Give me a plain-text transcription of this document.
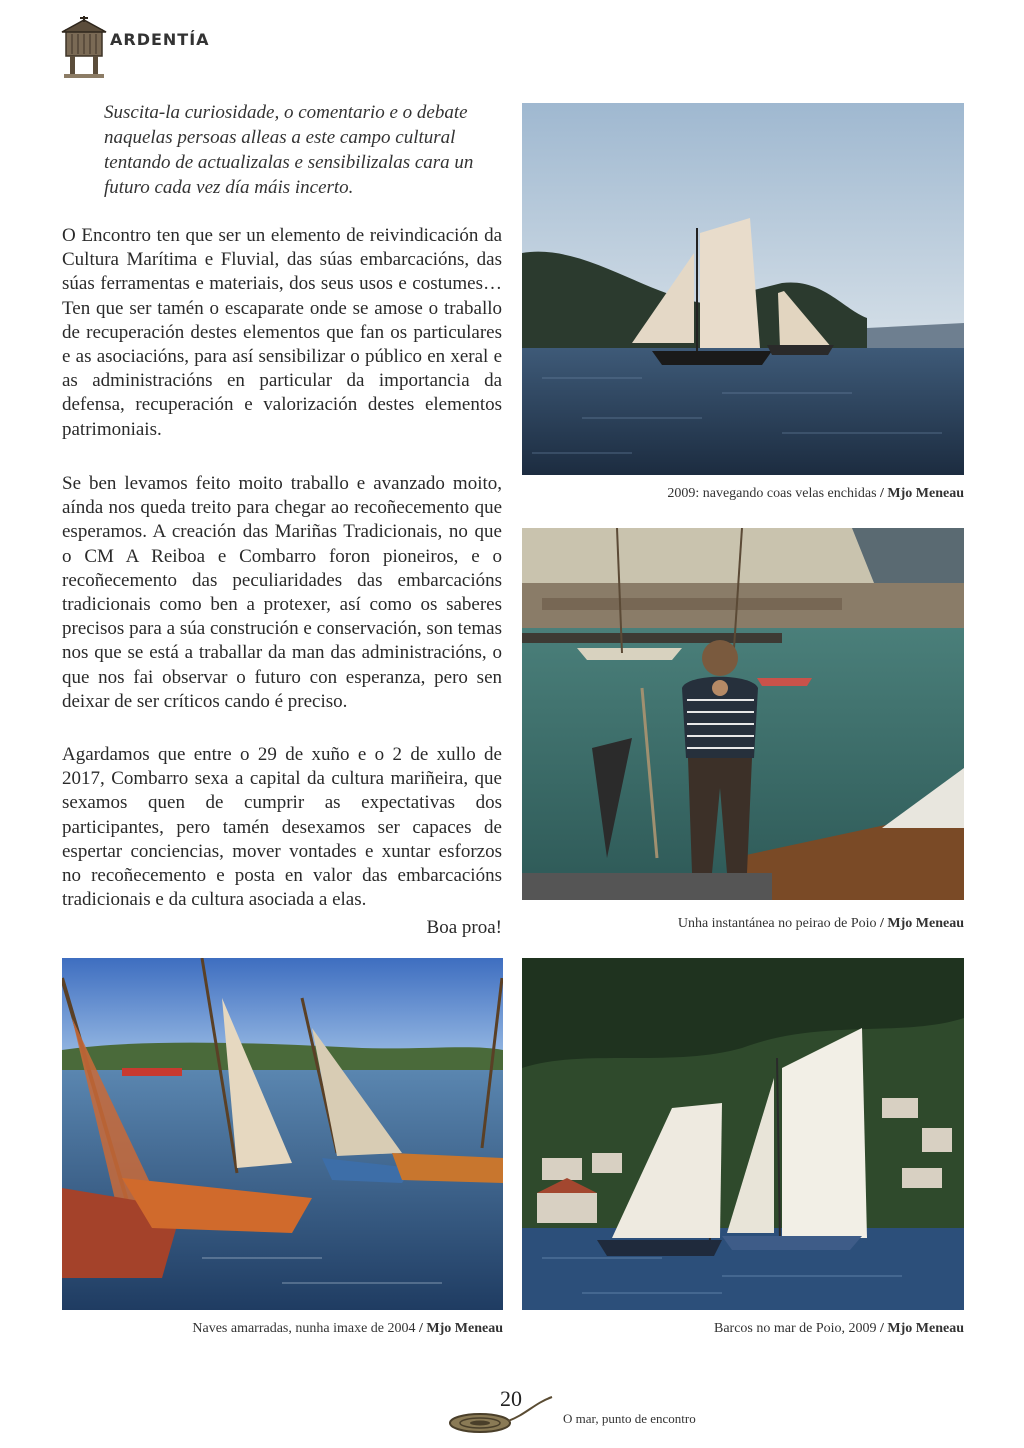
ARDENTÍA
Suscita-la curiosidade, o comentario e o debate naquelas persoas alleas a este campo cultural tentando de actualizalas e sensibilizalas cara un futuro cada vez día máis incerto.
O Encontro ten que ser un elemento de reivindicación da Cultura Marítima e Fluvial, das súas embarcacións, das súas ferramentas e materiais, dos seus usos e costumes… Ten que ser tamén o escaparate onde se amose o traballo de recuperación destes elementos que fan os particulares e as asociacións, para así sensibilizar o público en xeral e as administracións en particular da importancia da defensa, recuperación e valorización destes elementos patrimoniais.
Se ben levamos feito moito traballo e avanzado moito, aínda nos queda treito para chegar ao recoñecemento que esperamos. A creación das Mariñas Tradicionais, no que o CM A Reiboa e Combarro foron pioneiros, e o recoñecemento das peculiaridades das embarcacións tradicionais como ben a protexer, así como os saberes precisos para a súa construción e conservación, son temas nos que se está a traballar da man das administracións, o que nos fai observar o futuro con esperanza, pero sen deixar de ser críticos cando é preciso.
Agardamos que entre o 29 de xuño e o 2 de xullo de 2017, Combarro sexa a capital da cultura mariñeira, que sexamos quen de cumprir as expectativas dos participantes, pero tamén desexamos ser capaces de espertar conciencias, mover vontades e xuntar esforzos no recoñecemento e posta en valor das embarcacións tradicionais e da cultura asociada a elas.
Boa proa!
2009: navegando coas velas enchidas / Mjo Meneau
Unha instantánea no peirao de Poio / Mjo Meneau
Naves amarradas, nunha imaxe de 2004 / Mjo Meneau	Barcos no mar de Poio, 2009 / Mjo Meneau
20
O mar, punto de encontro
